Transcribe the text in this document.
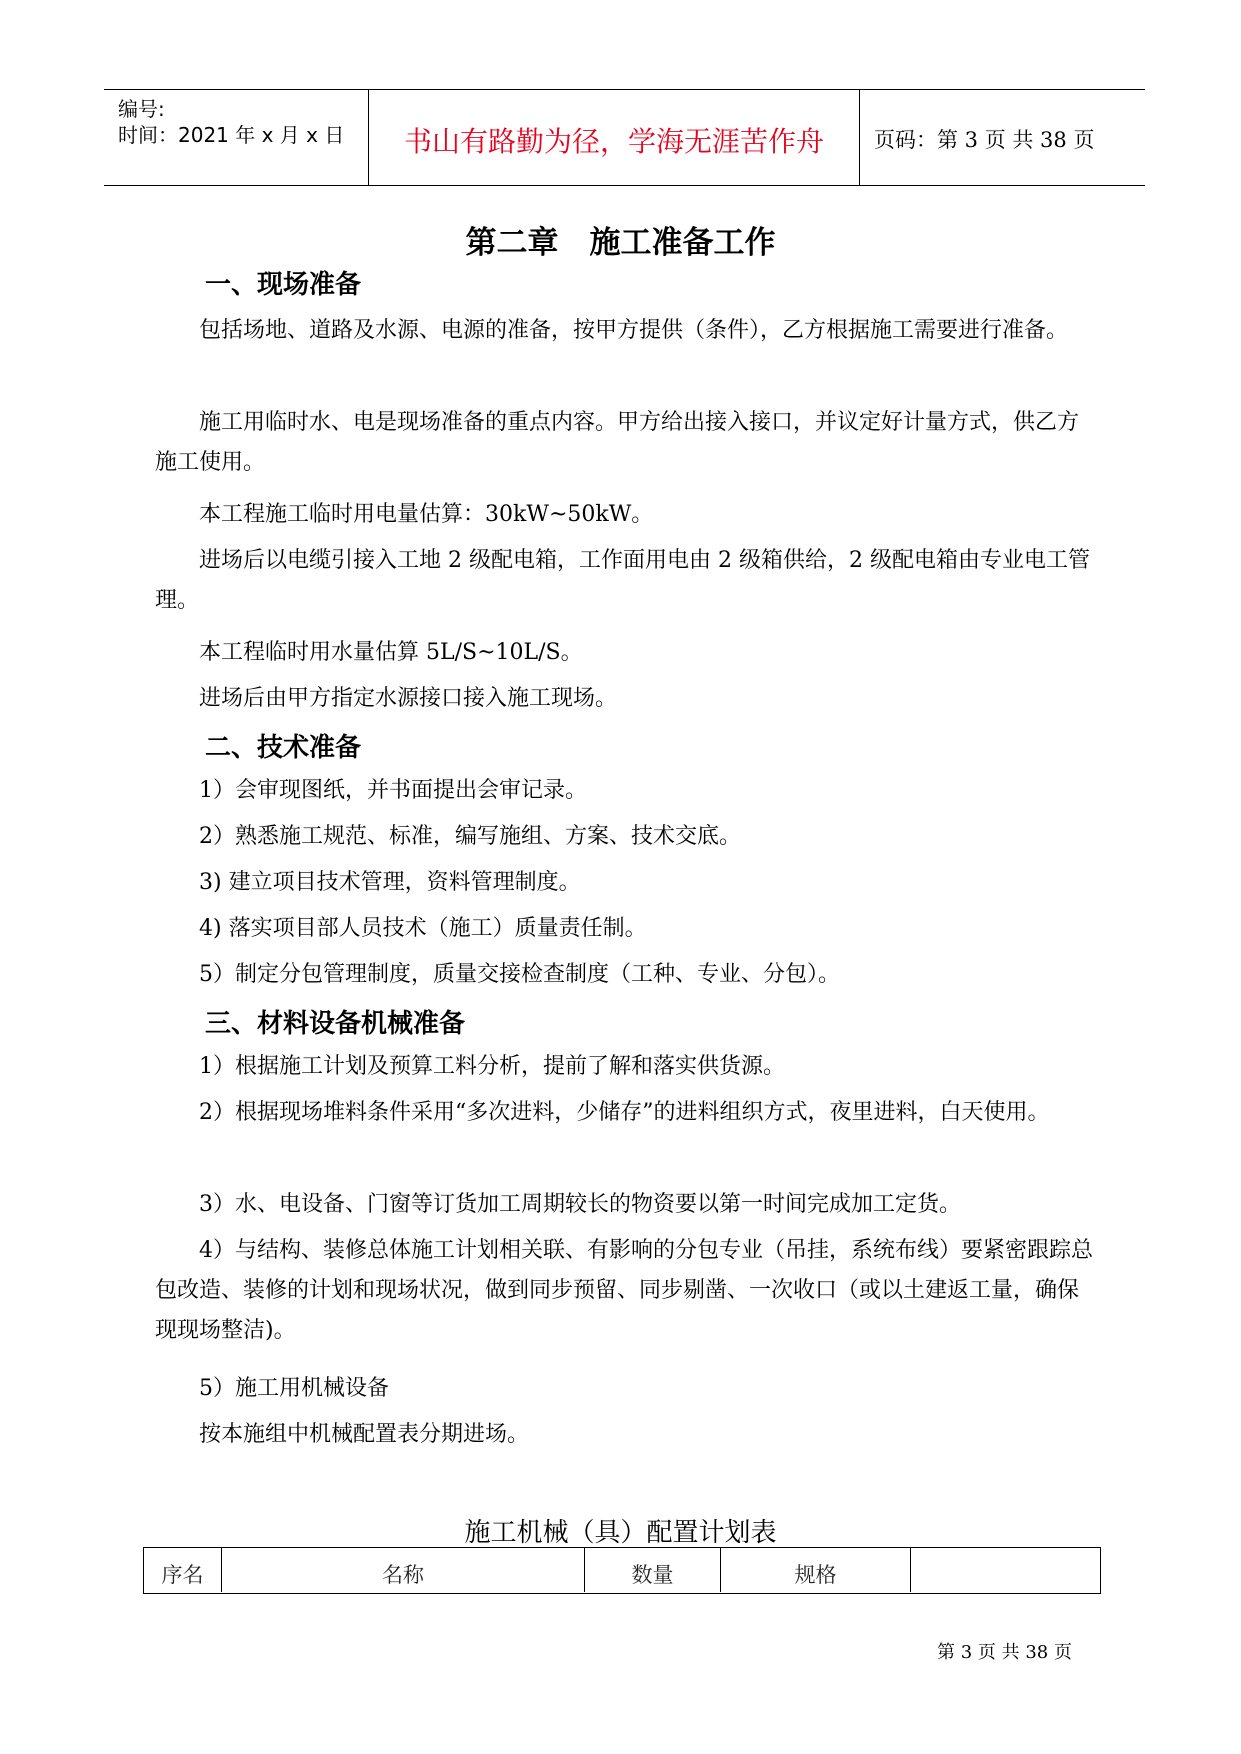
编号:
时间：2021 年 x 月 x 日	书山有路勤为径，学海无涯苦作舟	页码：第 3 页 共 38 页
第二章　施工准备工作
一、现场准备

包括场地、道路及水源、电源的准备，按甲方提供（条件），乙方根据施工需要进行准备。

施工用临时水、电是现场准备的重点内容。甲方给出接入接口，并议定好计量方式，供乙方施工使用。

本工程施工临时用电量估算：30kW~50kW。

进场后以电缆引接入工地 2 级配电箱，工作面用电由 2 级箱供给，2 级配电箱由专业电工管理。

本工程临时用水量估算 5L/S~10L/S。

进场后由甲方指定水源接口接入施工现场。

二、技术准备

1）会审现图纸，并书面提出会审记录。

2）熟悉施工规范、标准，编写施组、方案、技术交底。

3) 建立项目技术管理，资料管理制度。

4) 落实项目部人员技术（施工）质量责任制。

5）制定分包管理制度，质量交接检查制度（工种、专业、分包）。

三、材料设备机械准备

1）根据施工计划及预算工料分析，提前了解和落实供货源。

2）根据现场堆料条件采用“多次进料，少储存”的进料组织方式，夜里进料，白天使用。

3）水、电设备、门窗等订货加工周期较长的物资要以第一时间完成加工定货。

4）与结构、装修总体施工计划相关联、有影响的分包专业（吊挂，系统布线）要紧密跟踪总包改造、装修的计划和现场状况，做到同步预留、同步剔凿、一次收口（或以土建返工量，确保现现场整洁)。

5）施工用机械设备

按本施组中机械配置表分期进场。

施工机械（具）配置计划表
序名	名称	数量	规格
第 3 页 共 38 页
